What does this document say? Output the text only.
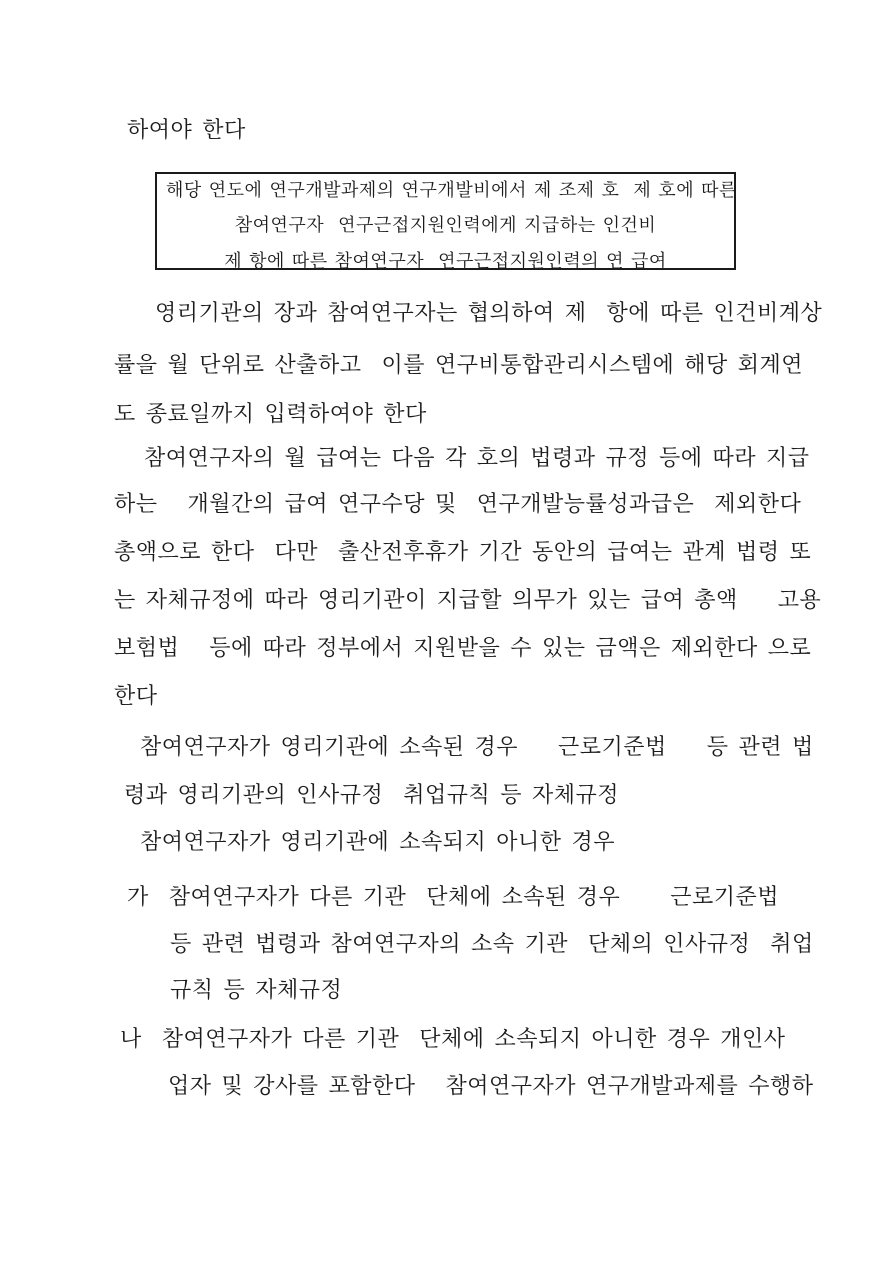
하여야 한다
해당 연도에 연구개발과제의 연구개발비에서 제 조제 호  제 호에 따른
참여연구자  연구근접지원인력에게 지급하는 인건비
제 항에 따른 참여연구자  연구근접지원인력의 연 급여
영리기관의 장과 참여연구자는 협의하여 제  항에 따른 인건비계상
률을 월 단위로 산출하고  이를 연구비통합관리시스템에 해당 회계연
도 종료일까지 입력하여야 한다
참여연구자의 월 급여는 다음 각 호의 법령과 규정 등에 따라 지급
하는   개월간의 급여 연구수당 및  연구개발능률성과급은  제외한다
총액으로 한다  다만  출산전후휴가 기간 동안의 급여는 관계 법령 또
는 자체규정에 따라 영리기관이 지급할 의무가 있는 급여 총액    고용
보험법   등에 따라 정부에서 지원받을 수 있는 금액은 제외한다 으로
한다
참여연구자가 영리기관에 소속된 경우    근로기준법    등 관련 법
령과 영리기관의 인사규정  취업규칙 등 자체규정
참여연구자가 영리기관에 소속되지 아니한 경우
가  참여연구자가 다른 기관  단체에 소속된 경우     근로기준법
등 관련 법령과 참여연구자의 소속 기관  단체의 인사규정  취업
규칙 등 자체규정
나  참여연구자가 다른 기관  단체에 소속되지 아니한 경우 개인사
업자 및 강사를 포함한다   참여연구자가 연구개발과제를 수행하
